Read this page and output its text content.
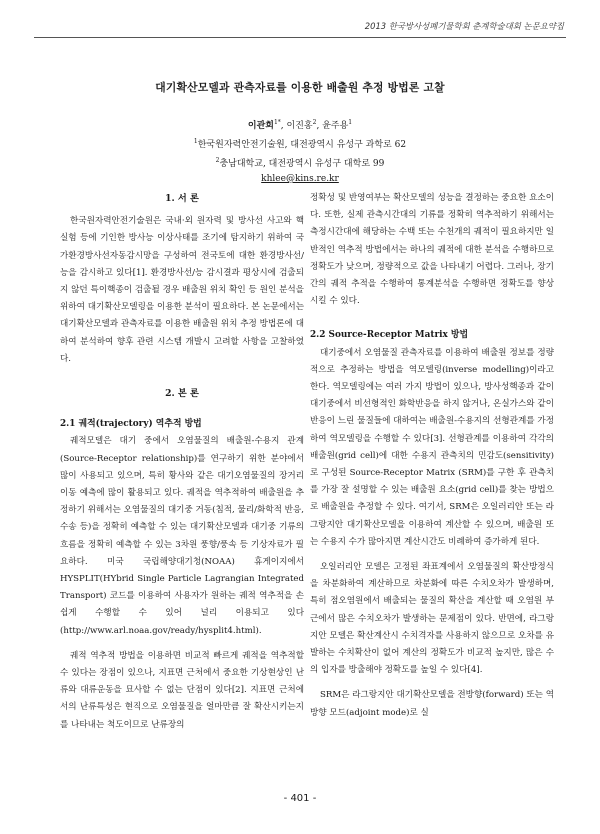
2013 한국방사성폐기물학회 춘계학술대회 논문요약집
대기확산모델과 관측자료를 이용한 배출원 추정 방법론 고찰
이관희$^{1*}$, 이진홍$^2$, 윤주용$^1$
$^1$한국원자력안전기술원, 대전광역시 유성구 과학로 62
$^2$충남대학교, 대전광역시 유성구 대학로 99
khlee@kins.re.kr
1. 서 론

한국원자력안전기술원은 국내·외 원자력 및 방사선 사고와 핵실험 등에 기인한 방사능 이상사태를 조기에 탐지하기 위하여 국가환경방사선자동감시망을 구성하여 전국토에 대한 환경방사선/능을 감시하고 있다[1]. 환경방사선/능 감시결과 평상시에 검출되지 않던 특이핵종이 검출될 경우 배출원 위치 확인 등 원인 분석을 위하여 대기확산모델링을 이용한 분석이 필요하다. 본 논문에서는 대기확산모델과 관측자료를 이용한 배출원 위치 추정 방법론에 대하여 분석하여 향후 관련 시스템 개발시 고려할 사항을 고찰하였다.

2. 본 론

2.1 궤적(trajectory) 역추적 방법

궤적모델은 대기 중에서 오염물질의 배출원-수용지 관계(Source-Receptor relationship)를 연구하기 위한 분야에서 많이 사용되고 있으며, 특히 황사와 같은 대기오염물질의 장거리이동 예측에 많이 활용되고 있다. 궤적을 역추적하여 배출원을 추정하기 위해서는 오염물질의 대기중 거동(침적, 물리/화학적 반응, 수송 등)을 정확히 예측할 수 있는 대기확산모델과 대기중 기류의 흐름을 정확히 예측할 수 있는 3차원 풍향/풍속 등 기상자료가 필요하다. 미국 국립해양대기청(NOAA) 휴게이지에서 HYSPLIT(HYbrid Single Particle Lagrangian Integrated Transport) 코드를 이용하여 사용자가 원하는 궤적 역추적을 손쉽게 수행할 수 있어 널리 이용되고 있다(http://www.arl.noaa.gov/ready/hysplit4.html).

궤적 역추적 방법을 이용하면 비교적 빠르게 궤적을 역추적할 수 있다는 장점이 있으나, 지표면 근처에서 중요한 기상현상인 난류와 대류운동을 묘사할 수 없는 단점이 있다[2]. 지표면 근처에서의 난류특성은 현직으로 오염물질을 얼마만큼 잘 확산시키는지를 나타내는 척도이므로 난류장의

정확성 및 반영여부는 확산모델의 성능을 결정하는 중요한 요소이다. 또한, 실제 관측시간대의 기류를 정확히 역추적하기 위해서는 측정시간대에 해당하는 수백 또는 수천개의 궤적이 필요하지만 일반적인 역추적 방법에서는 하나의 궤적에 대한 분석을 수행하므로 정확도가 낮으며, 정량적으로 값을 나타내기 어렵다. 그러나, 장기간의 궤적 추적을 수행하여 통계분석을 수행하면 정확도를 향상 시킬 수 있다.

2.2 Source-Receptor Matrix 방법

대기중에서 오염물질 관측자료를 이용하여 배출원 정보를 정량적으로 추정하는 방법을 역모델링(inverse modelling)이라고 한다. 역모델링에는 여러 가지 방법이 있으나, 방사성핵종과 같이 대기중에서 비선형적인 화학반응을 하지 않거나, 온실가스와 같이 반응이 느린 물질들에 대하여는 배출원-수용지의 선형관계를 가정하여 역모델링을 수행할 수 있다[3]. 선형관계를 이용하여 각각의 배출원(grid cell)에 대한 수용지 관측치의 민감도(sensitivity)로 구성된 Source-Receptor Matrix (SRM)를 구한 후 관측치를 가장 잘 설명할 수 있는 배출원 요소(grid cell)를 찾는 방법으로 배출원을 추정할 수 있다. 여기서, SRM은 오일러리안 또는 라그랑지안 대기확산모델을 이용하여 계산할 수 있으며, 배출원 또는 수용지 수가 많아지면 계산시간도 비례하여 증가하게 된다.

오일러리안 모델은 고정된 좌표계에서 오염물질의 확산방정식을 차분화하여 계산하므로 차분화에 따른 수치오차가 발생하며, 특히 점오염원에서 배출되는 물질의 확산을 계산할 때 오염원 부근에서 많은 수치오차가 발생하는 문제점이 있다. 반면에, 라그랑지안 모델은 확산계산시 수치격자를 사용하지 않으므로 오차를 유발하는 수치확산이 없어 계산의 정확도가 비교적 높지만, 많은 수의 입자를 방출해야 정확도를 높일 수 있다[4].

SRM은 라그랑지안 대기확산모델을 전방향(forward) 또는 역방향 모드(adjoint mode)로 실

- 401 -
